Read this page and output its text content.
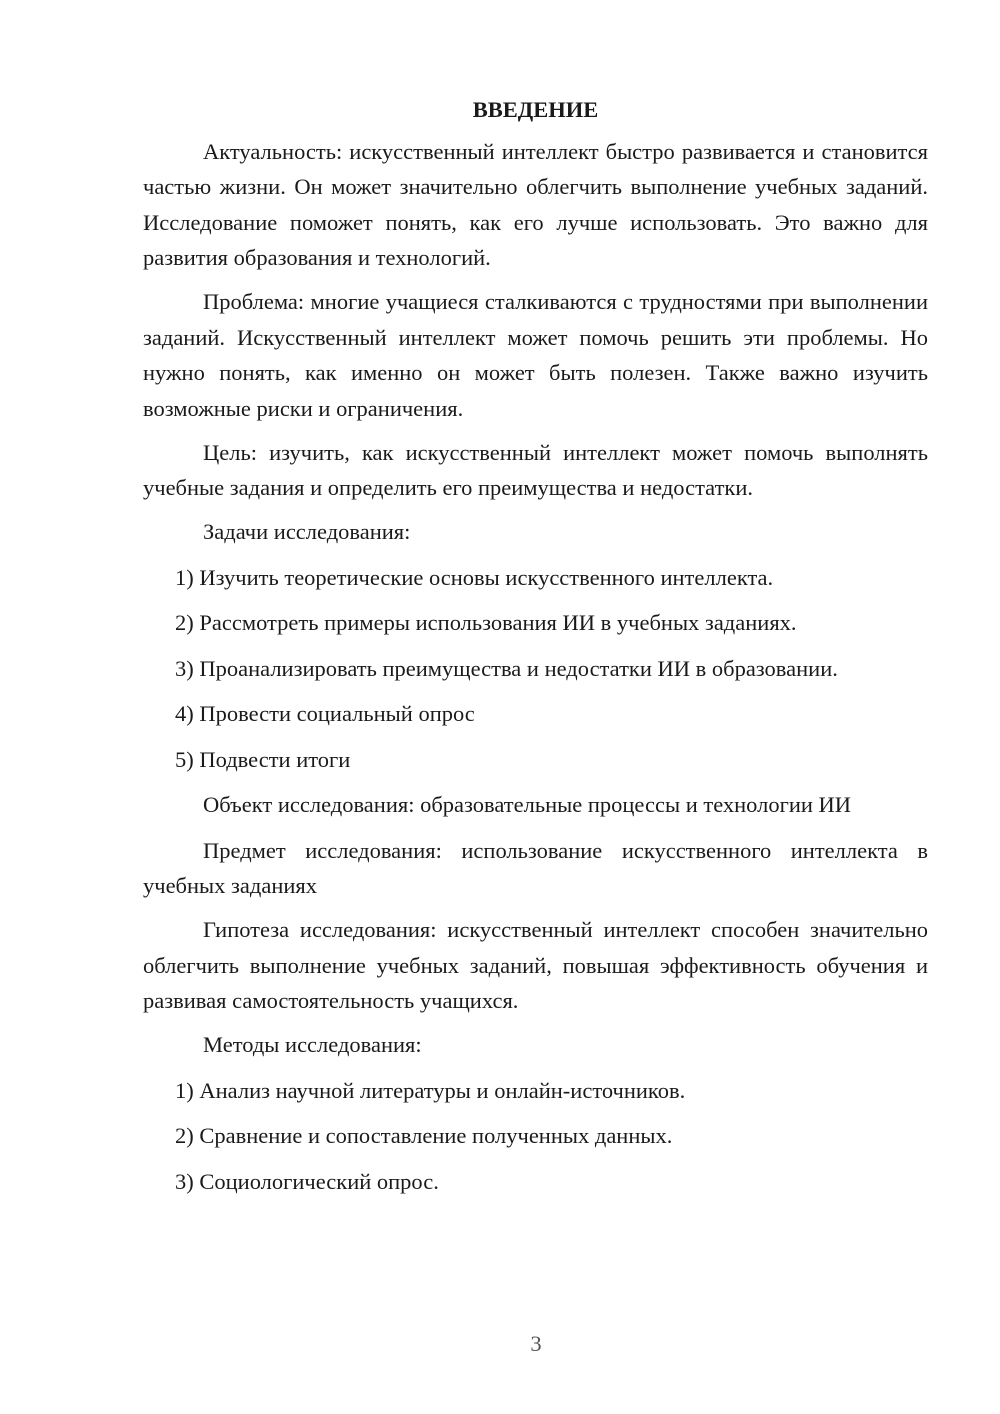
ВВЕДЕНИЕ

Актуальность: искусственный интеллект быстро развивается и становится частью жизни. Он может значительно облегчить выполнение учебных заданий. Исследование поможет понять, как его лучше использовать. Это важно для развития образования и технологий.

Проблема: многие учащиеся сталкиваются с трудностями при выполнении заданий. Искусственный интеллект может помочь решить эти проблемы. Но нужно понять, как именно он может быть полезен. Также важно изучить возможные риски и ограничения.

Цель: изучить, как искусственный интеллект может помочь выполнять учебные задания и определить его преимущества и недостатки.

Задачи исследования:

1) Изучить теоретические основы искусственного интеллекта.
2) Рассмотреть примеры использования ИИ в учебных заданиях.
3) Проанализировать преимущества и недостатки ИИ в образовании.
4) Провести социальный опрос
5) Подвести итоги

Объект исследования: образовательные процессы и технологии ИИ

Предмет исследования: использование искусственного интеллекта в учебных заданиях

Гипотеза исследования: искусственный интеллект способен значительно облегчить выполнение учебных заданий, повышая эффективность обучения и развивая самостоятельность учащихся.

Методы исследования:

1) Анализ научной литературы и онлайн-источников.
2) Сравнение и сопоставление полученных данных.
3) Социологический опрос.
3
